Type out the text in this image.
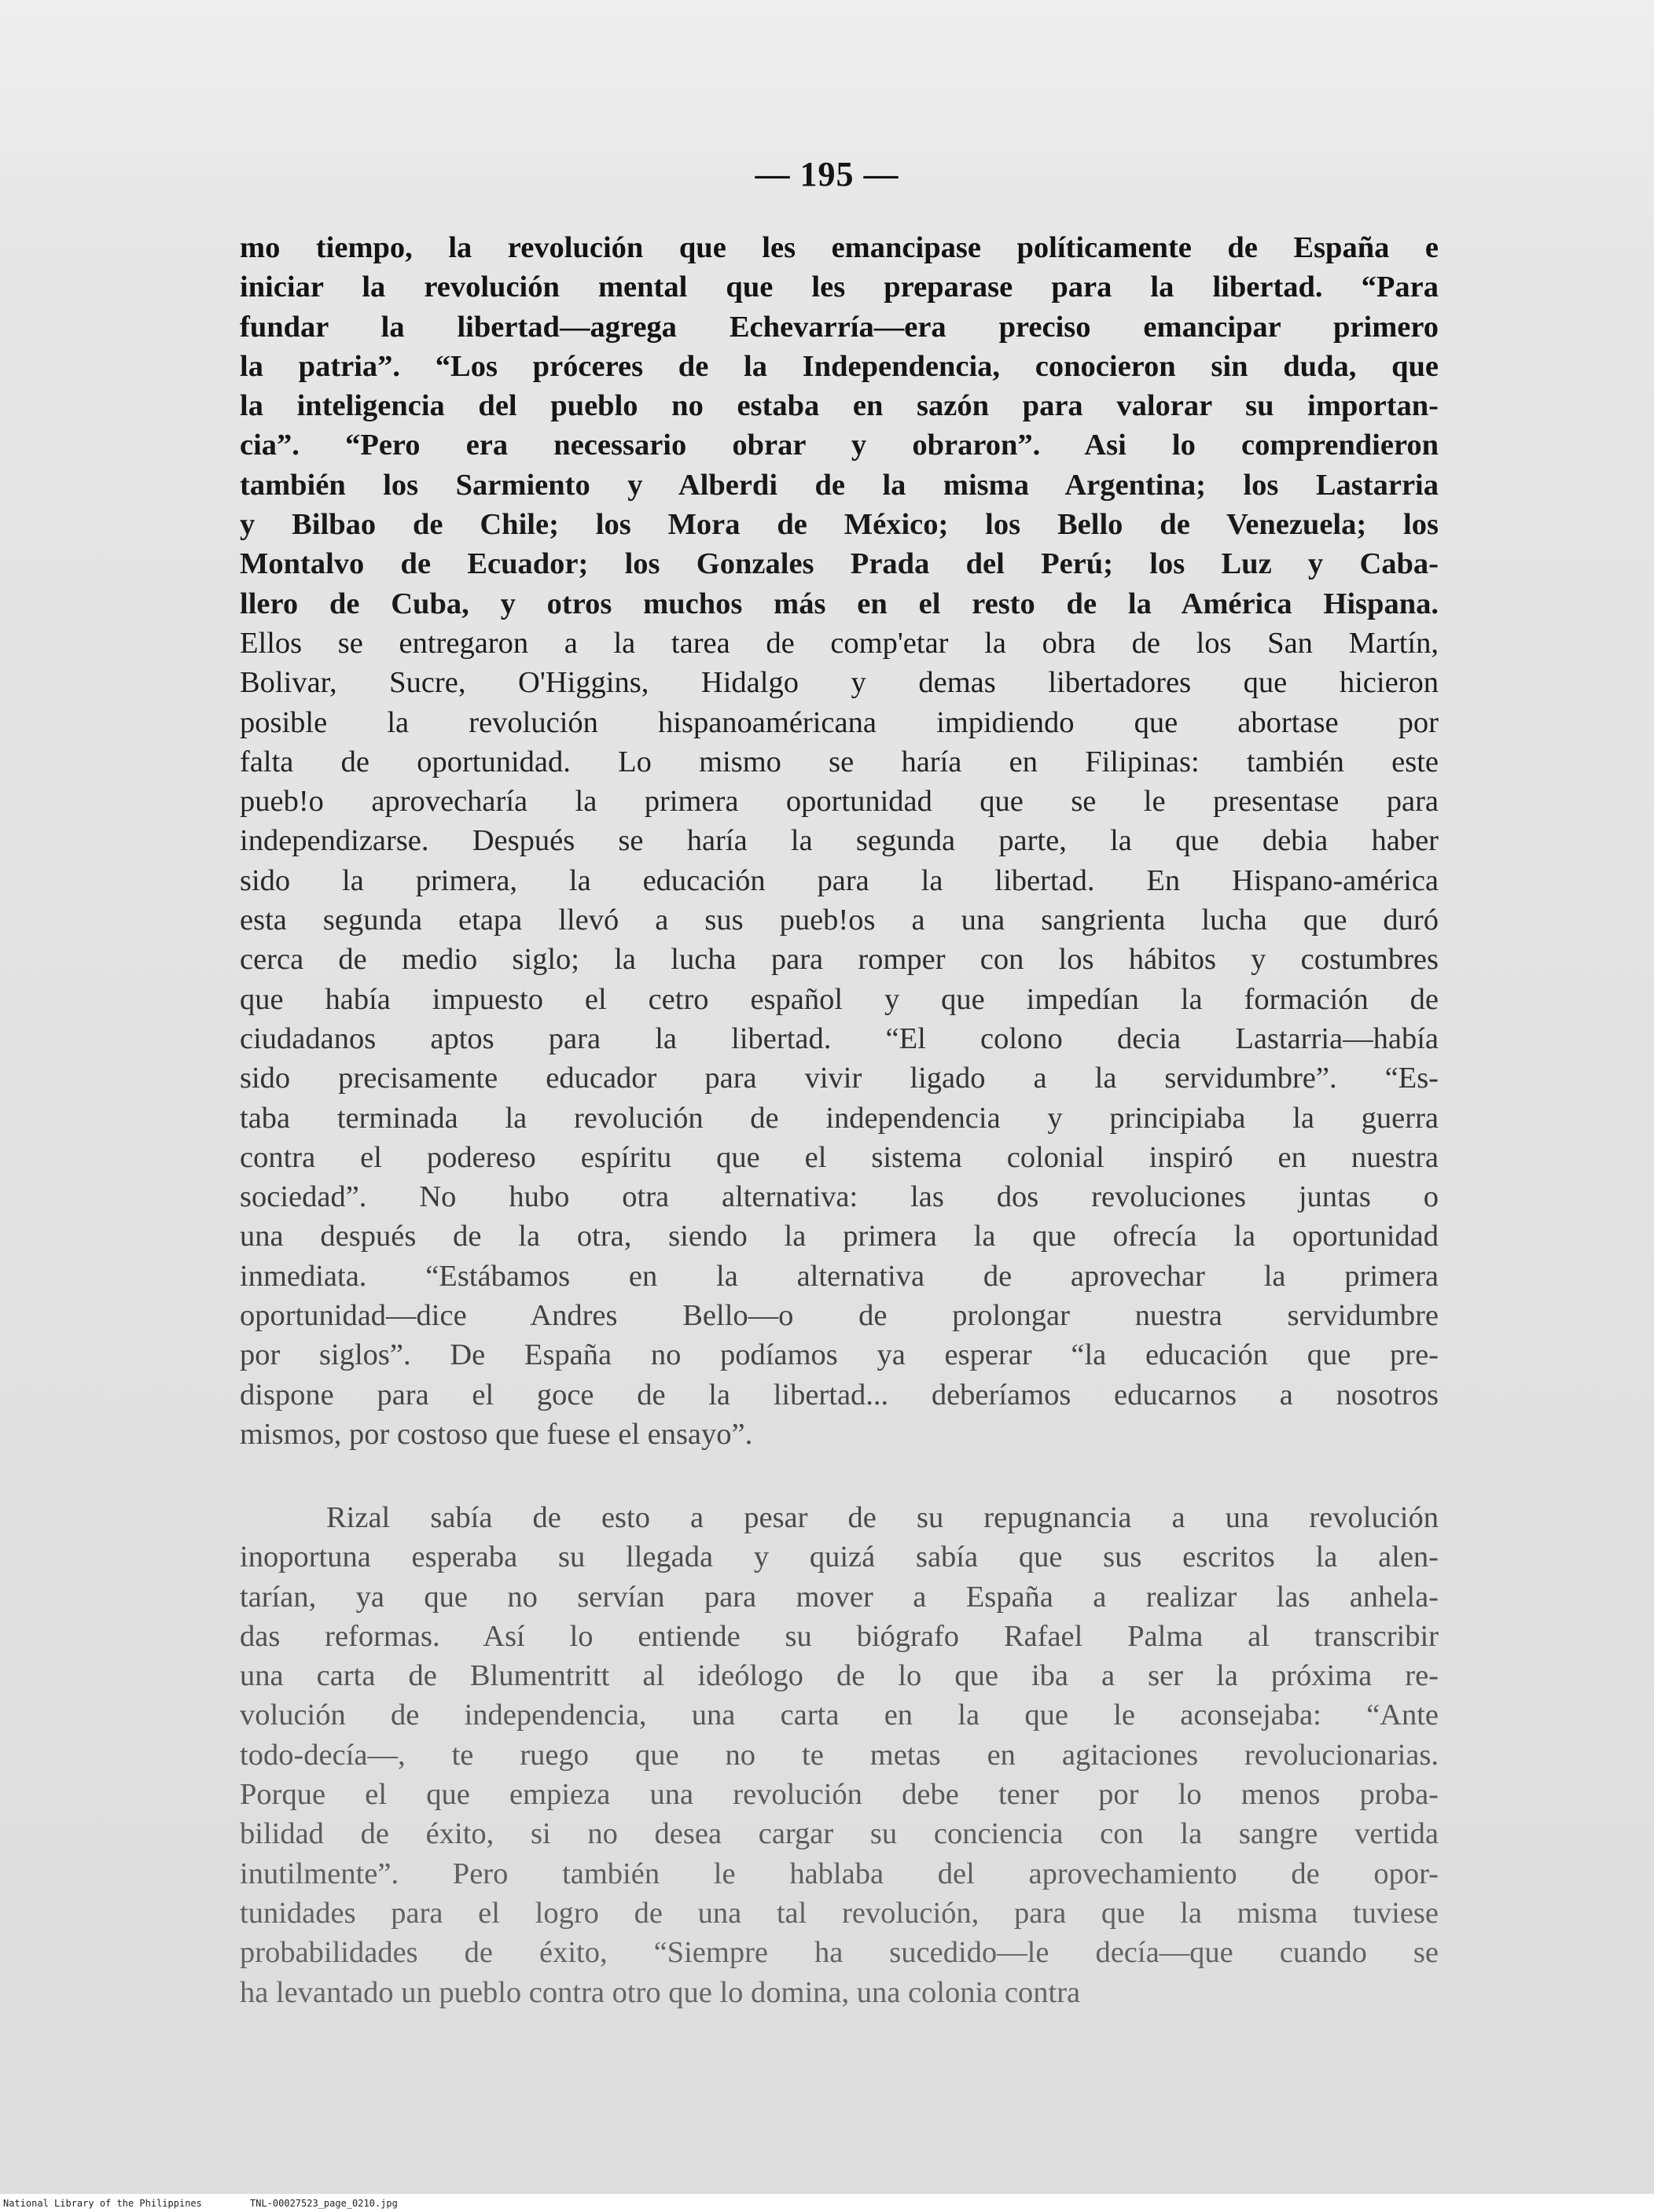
— 195 —
mo tiempo, la revolución que les emancipase políticamente de España e
iniciar la revolución mental que les preparase para la libertad. “Para
fundar la libertad—agrega Echevarría—era preciso emancipar primero
la patria”. “Los próceres de la Independencia, conocieron sin duda, que
la inteligencia del pueblo no estaba en sazón para valorar su importan-
cia”. “Pero era necessario obrar y obraron”. Asi lo comprendieron
también los Sarmiento y Alberdi de la misma Argentina; los Lastarria
y Bilbao de Chile; los Mora de México; los Bello de Venezuela; los
Montalvo de Ecuador; los Gonzales Prada del Perú; los Luz y Caba-
llero de Cuba, y otros muchos más en el resto de la América Hispana.
Ellos se entregaron a la tarea de comp'etar la obra de los San Martín,
Bolivar, Sucre, O'Higgins, Hidalgo y demas libertadores que hicieron
posible la revolución hispanoaméricana impidiendo que abortase por
falta de oportunidad. Lo mismo se haría en Filipinas: también este
pueb!o aprovecharía la primera oportunidad que se le presentase para
independizarse. Después se haría la segunda parte, la que debia haber
sido la primera, la educación para la libertad. En Hispano-américa
esta segunda etapa llevó a sus pueb!os a una sangrienta lucha que duró
cerca de medio siglo; la lucha para romper con los hábitos y costumbres
que había impuesto el cetro español y que impedían la formación de
ciudadanos aptos para la libertad. “El colono decia Lastarria—había
sido precisamente educador para vivir ligado a la servidumbre”. “Es-
taba terminada la revolución de independencia y principiaba la guerra
contra el podereso espíritu que el sistema colonial inspiró en nuestra
sociedad”. No hubo otra alternativa: las dos revoluciones juntas o
una después de la otra, siendo la primera la que ofrecía la oportunidad
inmediata. “Estábamos en la alternativa de aprovechar la primera
oportunidad—dice Andres Bello—o de prolongar nuestra servidumbre
por siglos”. De España no podíamos ya esperar “la educación que pre-
dispone para el goce de la libertad... deberíamos educarnos a nosotros
mismos, por costoso que fuese el ensayo”.
Rizal sabía de esto a pesar de su repugnancia a una revolución
inoportuna esperaba su llegada y quizá sabía que sus escritos la alen-
tarían, ya que no servían para mover a España a realizar las anhela-
das reformas. Así lo entiende su biógrafo Rafael Palma al transcribir
una carta de Blumentritt al ideólogo de lo que iba a ser la próxima re-
volución de independencia, una carta en la que le aconsejaba: “Ante
todo-decía—, te ruego que no te metas en agitaciones revolucionarias.
Porque el que empieza una revolución debe tener por lo menos proba-
bilidad de éxito, si no desea cargar su conciencia con la sangre vertida
inutilmente”. Pero también le hablaba del aprovechamiento de opor-
tunidades para el logro de una tal revolución, para que la misma tuviese
probabilidades de éxito, “Siempre ha sucedido—le decía—que cuando se
ha levantado un pueblo contra otro que lo domina, una colonia contra
National Library of the Philippines	TNL-00027523_page_0210.jpg
